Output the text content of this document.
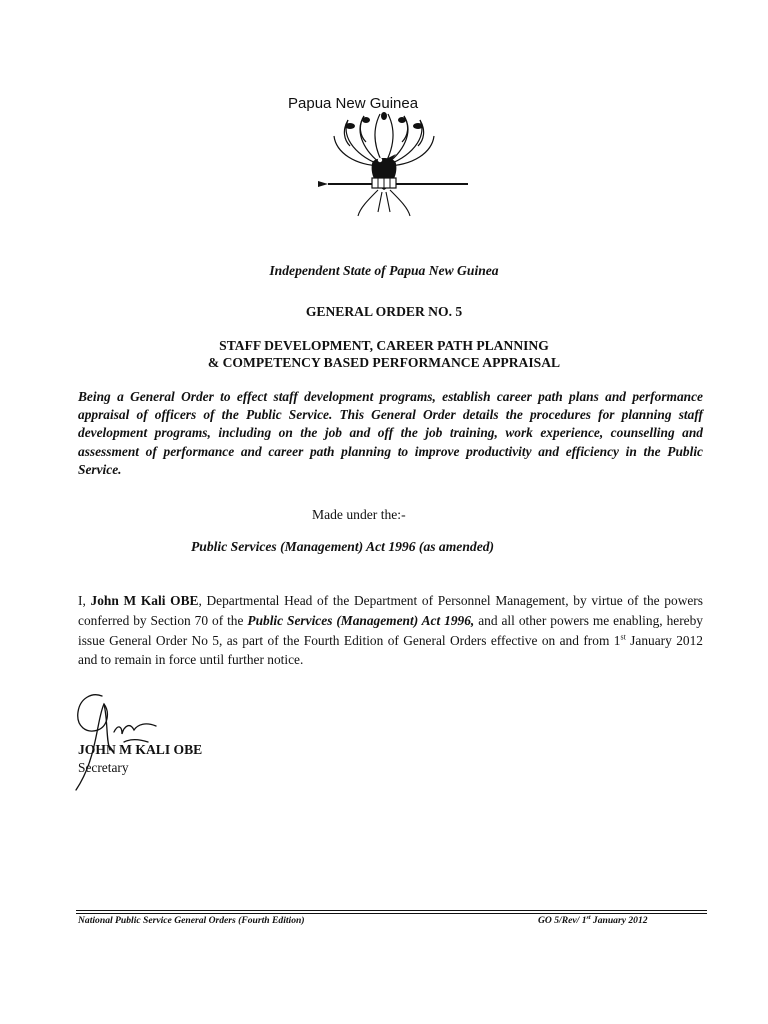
Papua New Guinea
Independent State of Papua New Guinea
GENERAL ORDER NO. 5
STAFF DEVELOPMENT, CAREER PATH PLANNING
& COMPETENCY BASED PERFORMANCE APPRAISAL

Being a General Order to effect staff development programs, establish career path plans and performance appraisal of officers of the Public Service. This General Order details the procedures for planning staff development programs, including on the job and off the job training, work experience, counselling and assessment of performance and career path planning to improve productivity and efficiency in the Public Service.

Made under the:-
Public Services (Management) Act 1996 (as amended)

I, John M Kali OBE, Departmental Head of the Department of Personnel Management, by virtue of the powers conferred by Section 70 of the Public Services (Management) Act 1996, and all other powers me enabling, hereby issue General Order No 5, as part of the Fourth Edition of General Orders effective on and from 1st January 2012 and to remain in force until further notice.

JOHN M KALI OBE
Secretary
National Public Service General Orders (Fourth Edition)	GO 5/Rev/ 1st January 2012
